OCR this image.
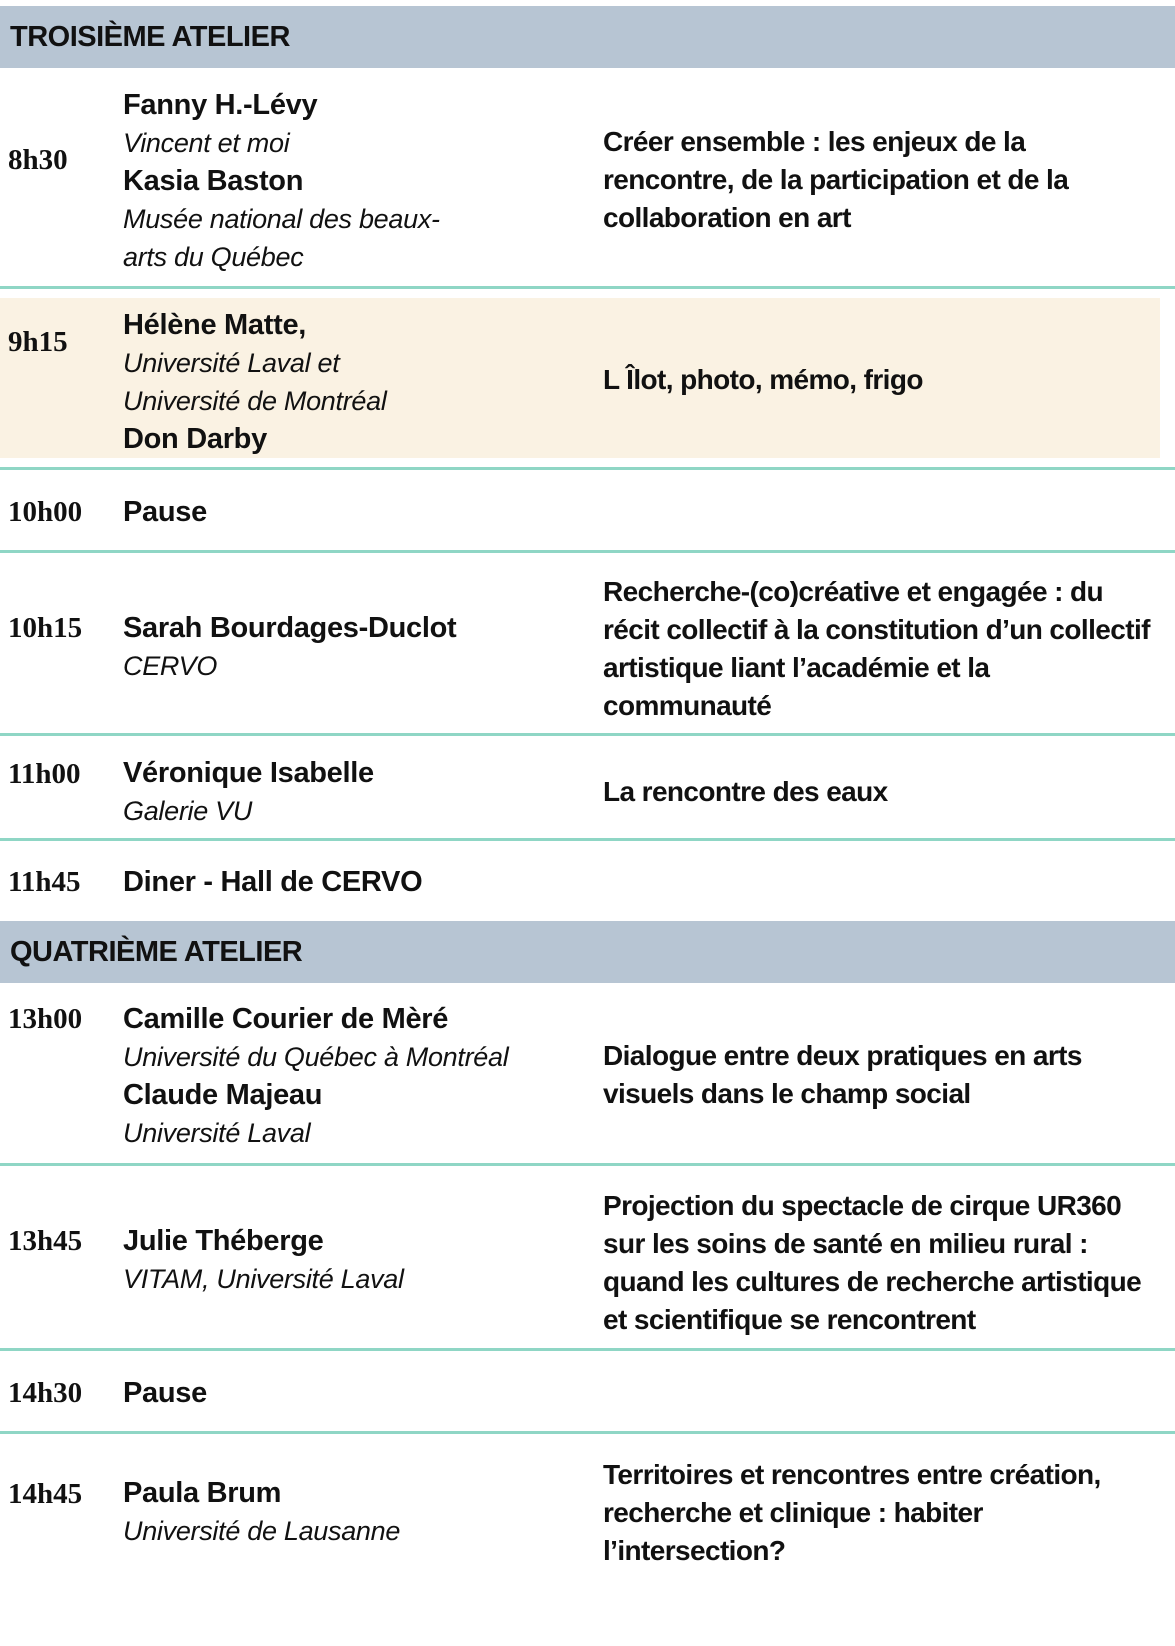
TROISIÈME ATELIER
8h30
Fanny H.-Lévy
Vincent et moi
Kasia Baston
Musée national des beaux-arts du Québec
Créer ensemble : les enjeux de la rencontre, de la participation et de la collaboration en art
9h15
Hélène Matte,
Université Laval et Université de Montréal
Don Darby
L Îlot, photo, mémo, frigo
10h00 Pause
10h15 Sarah Bourdages-Duclot
CERVO
Recherche-(co)créative et engagée : du récit collectif à la constitution d’un collectif artistique liant l’académie et la communauté
11h00 Véronique Isabelle
Galerie VU
La rencontre des eaux
11h45 Diner - Hall de CERVO
QUATRIÈME ATELIER
13h00 Camille Courier de Mèré
Université du Québec à Montréal
Claude Majeau
Université Laval
Dialogue entre deux pratiques en arts visuels dans le champ social
13h45 Julie Théberge
VITAM, Université Laval
Projection du spectacle de cirque UR360 sur les soins de santé en milieu rural : quand les cultures de recherche artistique et scientifique se rencontrent
14h30 Pause
14h45 Paula Brum
Université de Lausanne
Territoires et rencontres entre création, recherche et clinique : habiter l’intersection?
